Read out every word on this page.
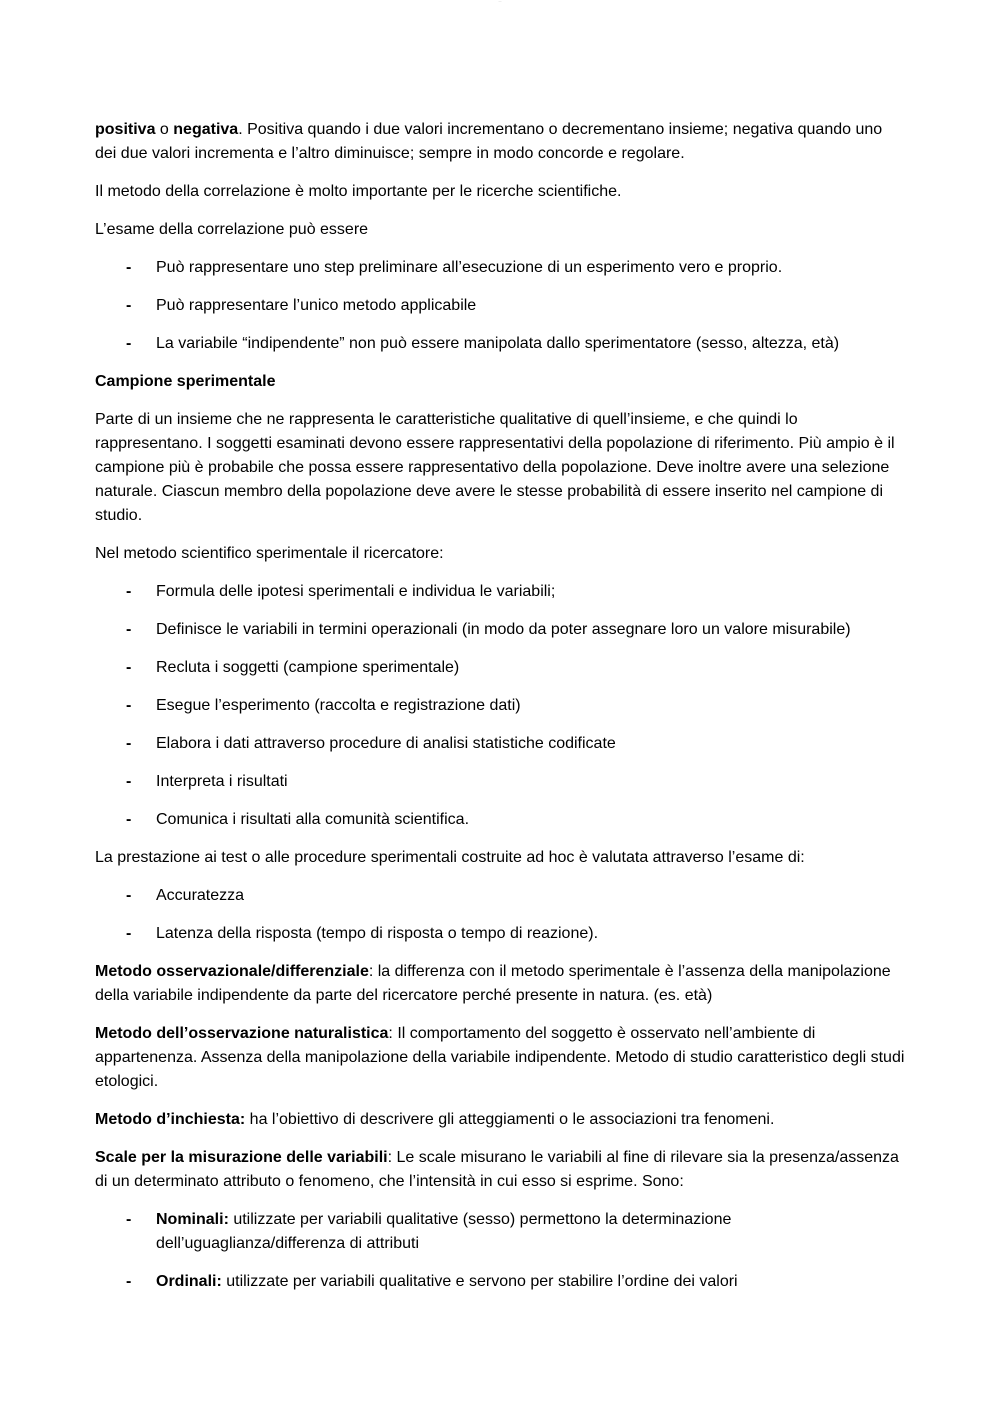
—

positiva o negativa. Positiva quando i due valori incrementano o decrementano insieme; negativa quando uno dei due valori incrementa e l’altro diminuisce; sempre in modo concorde e regolare.

Il metodo della correlazione è molto importante per le ricerche scientifiche.

L’esame della correlazione può essere

- Può rappresentare uno step preliminare all’esecuzione di un esperimento vero e proprio.
- Può rappresentare l’unico metodo applicabile
- La variabile “indipendente” non può essere manipolata dallo sperimentatore (sesso, altezza, età)

Campione sperimentale

Parte di un insieme che ne rappresenta le caratteristiche qualitative di quell’insieme, e che quindi lo rappresentano. I soggetti esaminati devono essere rappresentativi della popolazione di riferimento. Più ampio è il campione più è probabile che possa essere rappresentativo della popolazione. Deve inoltre avere una selezione naturale. Ciascun membro della popolazione deve avere le stesse probabilità di essere inserito nel campione di studio.

Nel metodo scientifico sperimentale il ricercatore:

- Formula delle ipotesi sperimentali e individua le variabili;
- Definisce le variabili in termini operazionali (in modo da poter assegnare loro un valore misurabile)
- Recluta i soggetti (campione sperimentale)
- Esegue l’esperimento (raccolta e registrazione dati)
- Elabora i dati attraverso procedure di analisi statistiche codificate
- Interpreta i risultati
- Comunica i risultati alla comunità scientifica.

La prestazione ai test o alle procedure sperimentali costruite ad hoc è valutata attraverso l’esame di:

- Accuratezza
- Latenza della risposta (tempo di risposta o tempo di reazione).

Metodo osservazionale/differenziale: la differenza con il metodo sperimentale è l’assenza della manipolazione della variabile indipendente da parte del ricercatore perché presente in natura. (es. età)

Metodo dell’osservazione naturalistica: Il comportamento del soggetto è osservato nell’ambiente di appartenenza. Assenza della manipolazione della variabile indipendente. Metodo di studio caratteristico degli studi etologici.

Metodo d’inchiesta: ha l’obiettivo di descrivere gli atteggiamenti o le associazioni tra fenomeni.

Scale per la misurazione delle variabili: Le scale misurano le variabili al fine di rilevare sia la presenza/assenza di un determinato attributo o fenomeno, che l’intensità in cui esso si esprime. Sono:

- Nominali: utilizzate per variabili qualitative (sesso) permettono la determinazione dell’uguaglianza/differenza di attributi
- Ordinali: utilizzate per variabili qualitative e servono per stabilire l’ordine dei valori
